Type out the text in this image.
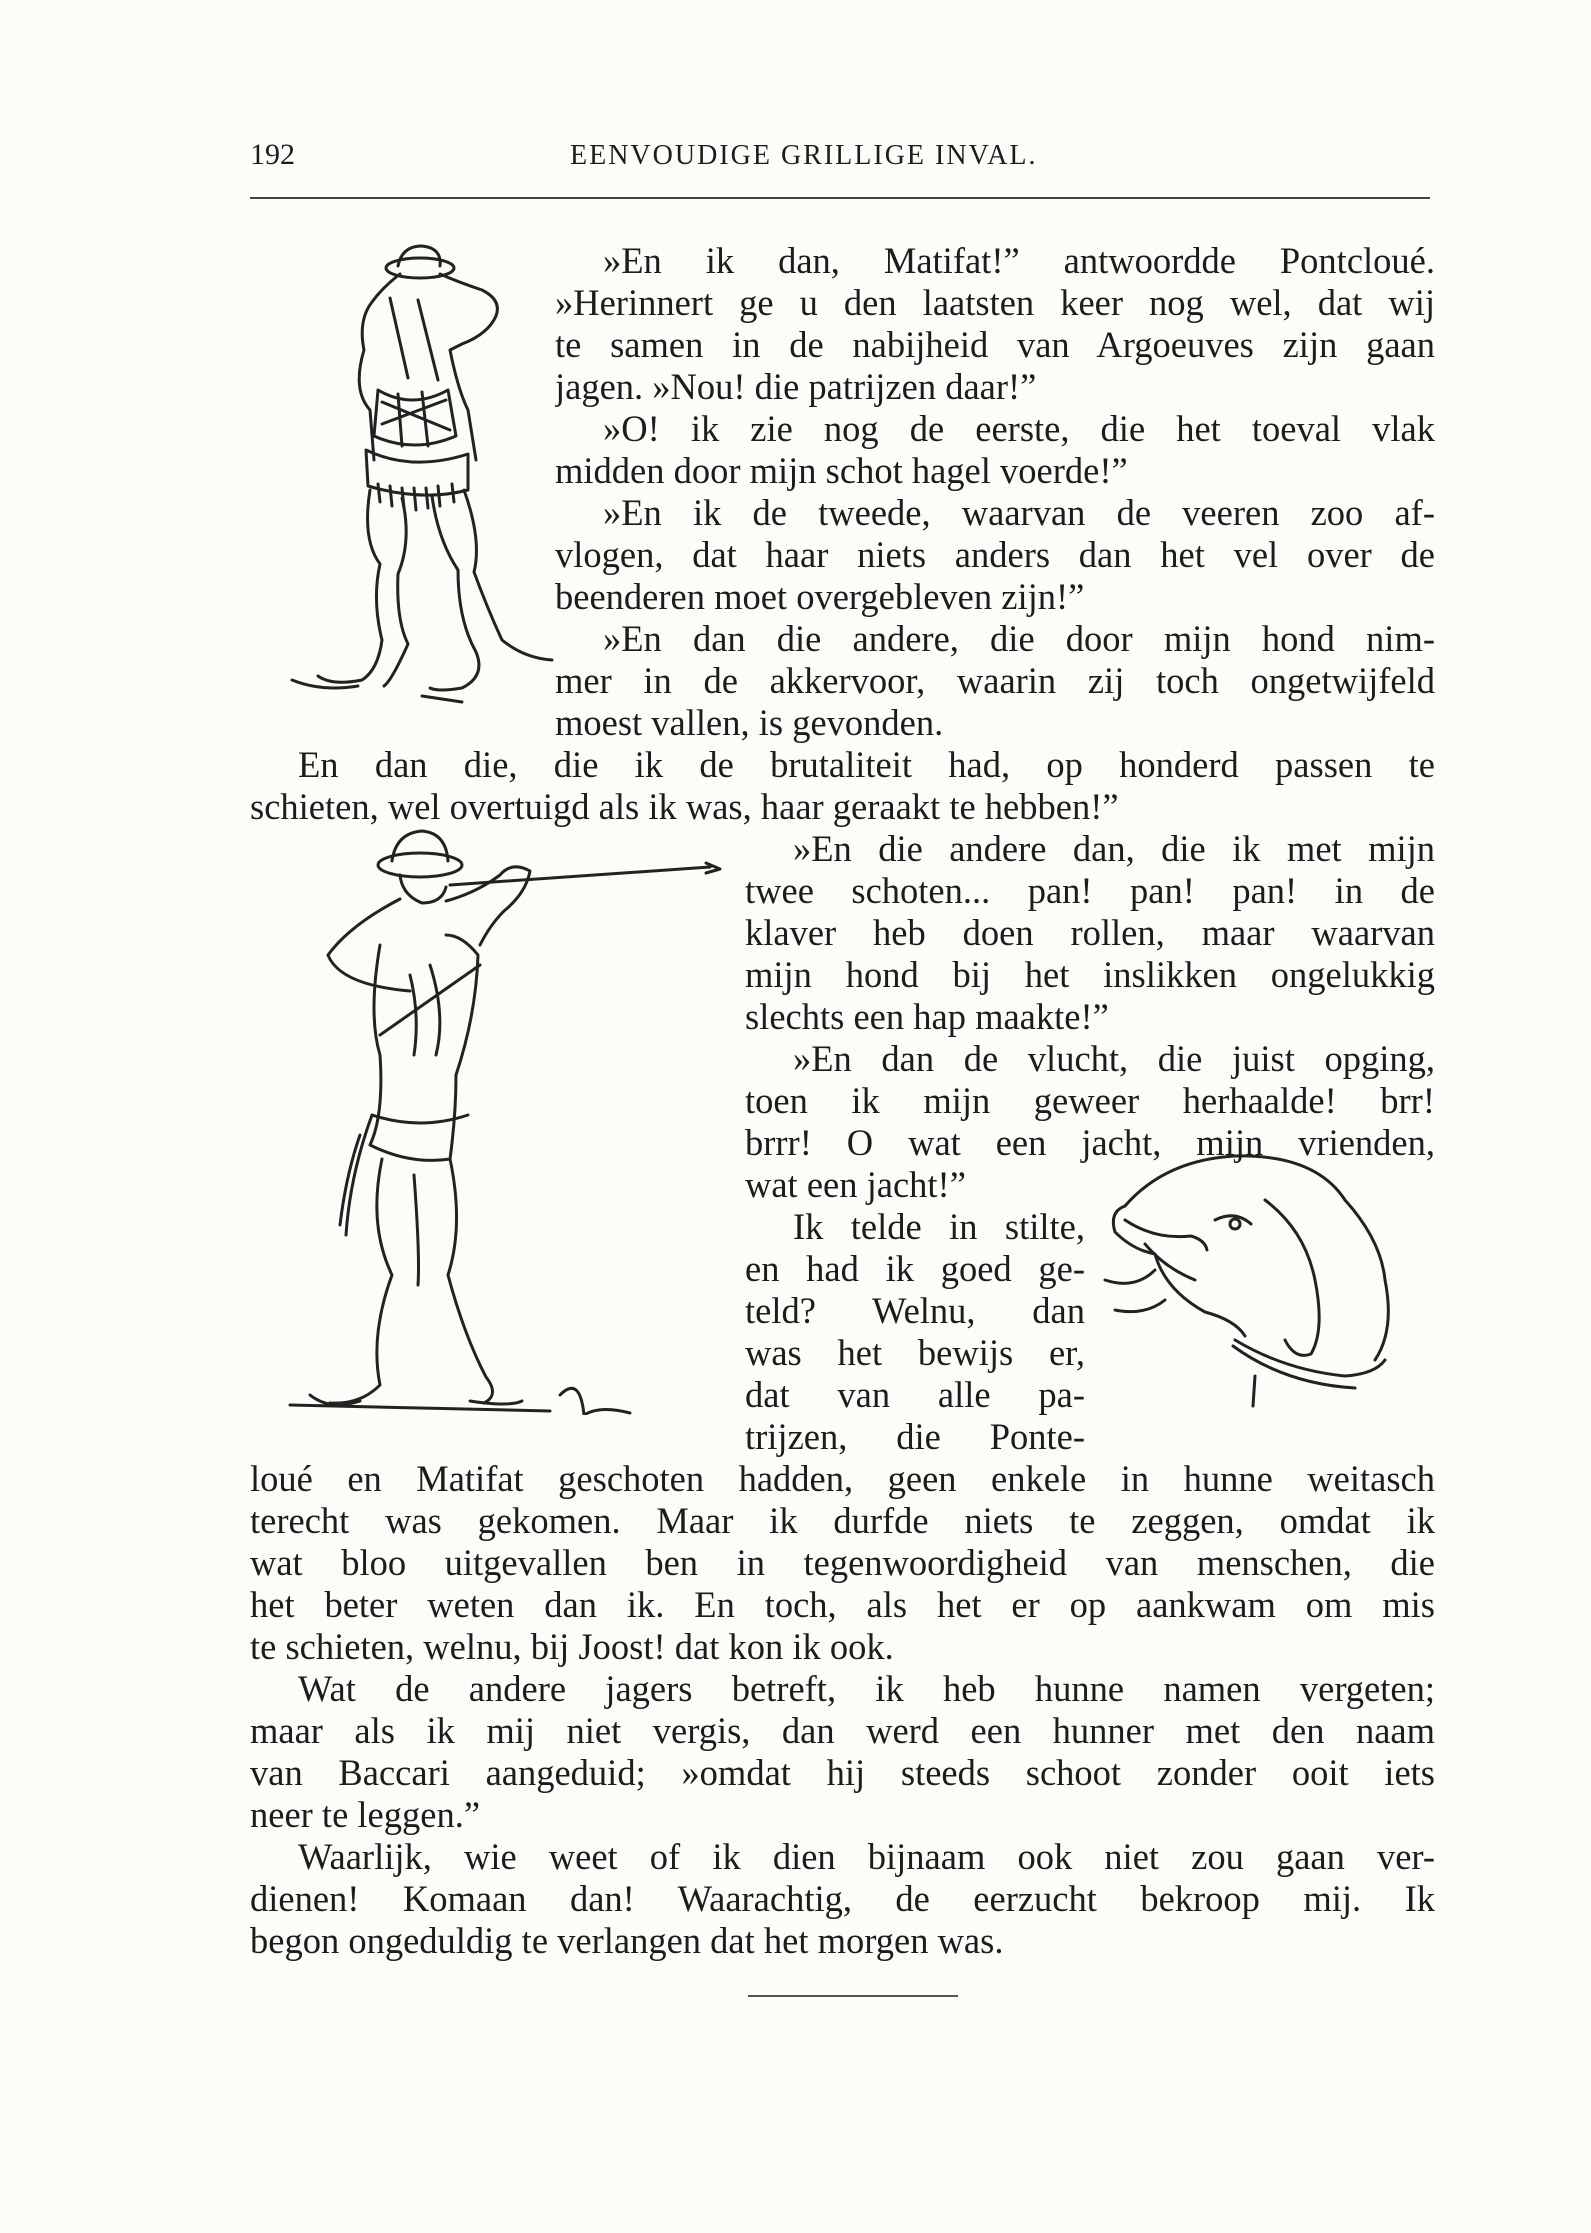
192	EENVOUDIGE GRILLIGE INVAL.
»En ik dan, Matifat!” antwoordde Pontcloué.
»Herinnert ge u den laatsten keer nog wel, dat wij
te samen in de nabijheid van Argoeuves zijn gaan
jagen. »Nou! die patrijzen daar!”
»O! ik zie nog de eerste, die het toeval vlak
midden door mijn schot hagel voerde!”
»En ik de tweede, waarvan de veeren zoo af-
vlogen, dat haar niets anders dan het vel over de
beenderen moet overgebleven zijn!”
»En dan die andere, die door mijn hond nim-
mer in de akkervoor, waarin zij toch ongetwijfeld
moest vallen, is gevonden.
En dan die, die ik de brutaliteit had, op honderd passen te
schieten, wel overtuigd als ik was, haar geraakt te hebben!”
»En die andere dan, die ik met mijn
twee schoten... pan! pan! pan! in de
klaver heb doen rollen, maar waarvan
mijn hond bij het inslikken ongelukkig
slechts een hap maakte!”
»En dan de vlucht, die juist opging,
toen ik mijn geweer herhaalde! brr!
brrr! O wat een jacht, mijn vrienden,
wat een jacht!”
Ik telde in stilte,
en had ik goed ge-
teld? Welnu, dan
was het bewijs er,
dat van alle pa-
trijzen, die Ponte-
loué en Matifat geschoten hadden, geen enkele in hunne weitasch
terecht was gekomen. Maar ik durfde niets te zeggen, omdat ik
wat bloo uitgevallen ben in tegenwoordigheid van menschen, die
het beter weten dan ik. En toch, als het er op aankwam om mis
te schieten, welnu, bij Joost! dat kon ik ook.
Wat de andere jagers betreft, ik heb hunne namen vergeten;
maar als ik mij niet vergis, dan werd een hunner met den naam
van Baccari aangeduid; »omdat hij steeds schoot zonder ooit iets
neer te leggen.”
Waarlijk, wie weet of ik dien bijnaam ook niet zou gaan ver-
dienen! Komaan dan! Waarachtig, de eerzucht bekroop mij. Ik
begon ongeduldig te verlangen dat het morgen was.
